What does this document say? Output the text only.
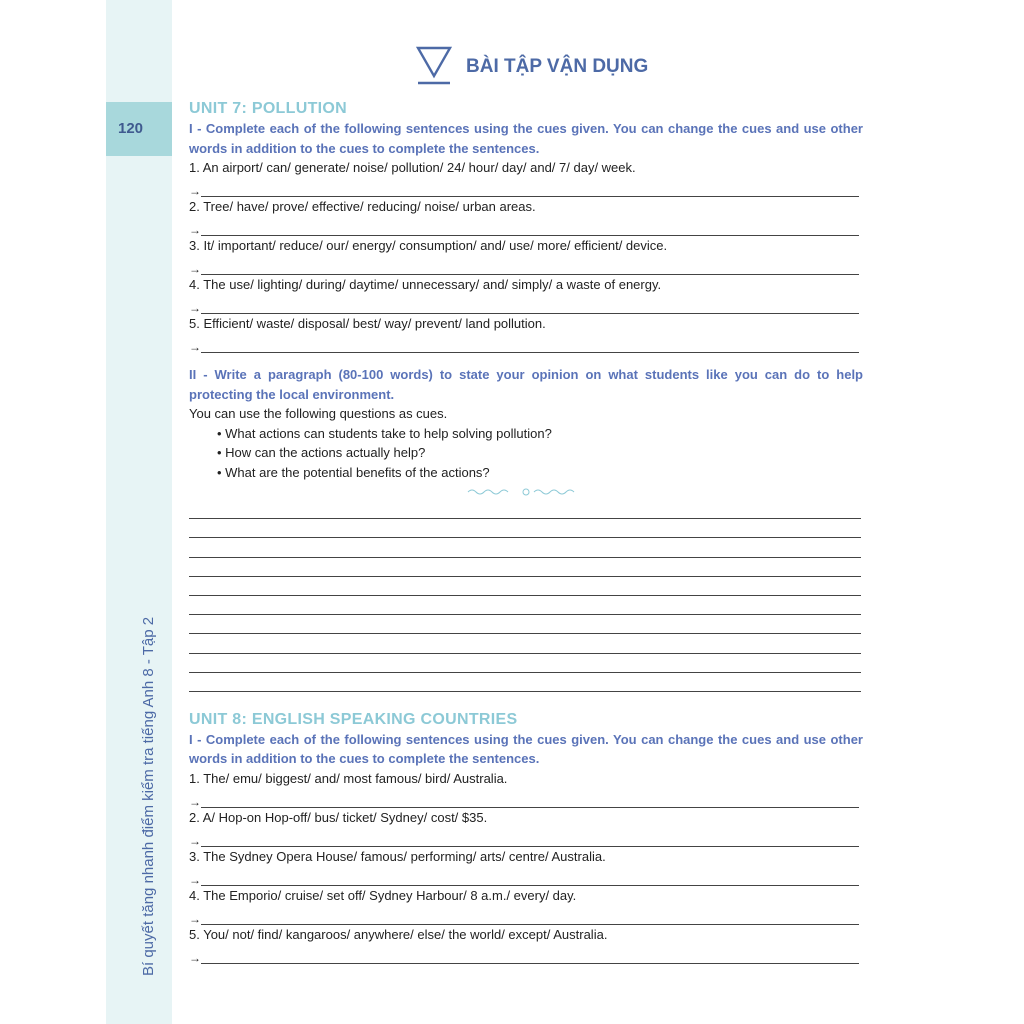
120
Bí quyết tăng nhanh điểm kiểm tra tiếng Anh 8 - Tập 2
BÀI TẬP VẬN DỤNG
UNIT 7: POLLUTION
I - Complete each of the following sentences using the cues given. You can change the cues and use other words in addition to the cues to complete the sentences.
1. An airport/ can/ generate/ noise/ pollution/ 24/ hour/ day/ and/ 7/ day/ week.
→
2. Tree/ have/ prove/ effective/ reducing/ noise/ urban areas.
→
3. It/ important/ reduce/ our/ energy/ consumption/ and/ use/ more/ efficient/ device.
→
4. The use/ lighting/ during/ daytime/ unnecessary/ and/ simply/ a waste of energy.
→
5. Efficient/ waste/ disposal/ best/ way/ prevent/ land pollution.
→
II - Write a paragraph (80-100 words) to state your opinion on what students like you can do to help protecting the local environment.
You can use the following questions as cues.
• What actions can students take to help solving pollution?
• How can the actions actually help?
• What are the potential benefits of the actions?
UNIT 8: ENGLISH SPEAKING COUNTRIES
I - Complete each of the following sentences using the cues given. You can change the cues and use other words in addition to the cues to complete the sentences.
1. The/ emu/ biggest/ and/ most famous/ bird/ Australia.
→
2. A/ Hop-on Hop-off/ bus/ ticket/ Sydney/ cost/ $35.
→
3. The Sydney Opera House/ famous/ performing/ arts/ centre/ Australia.
→
4. The Emporio/ cruise/ set off/ Sydney Harbour/ 8 a.m./ every/ day.
→
5. You/ not/ find/ kangaroos/ anywhere/ else/ the world/ except/ Australia.
→
